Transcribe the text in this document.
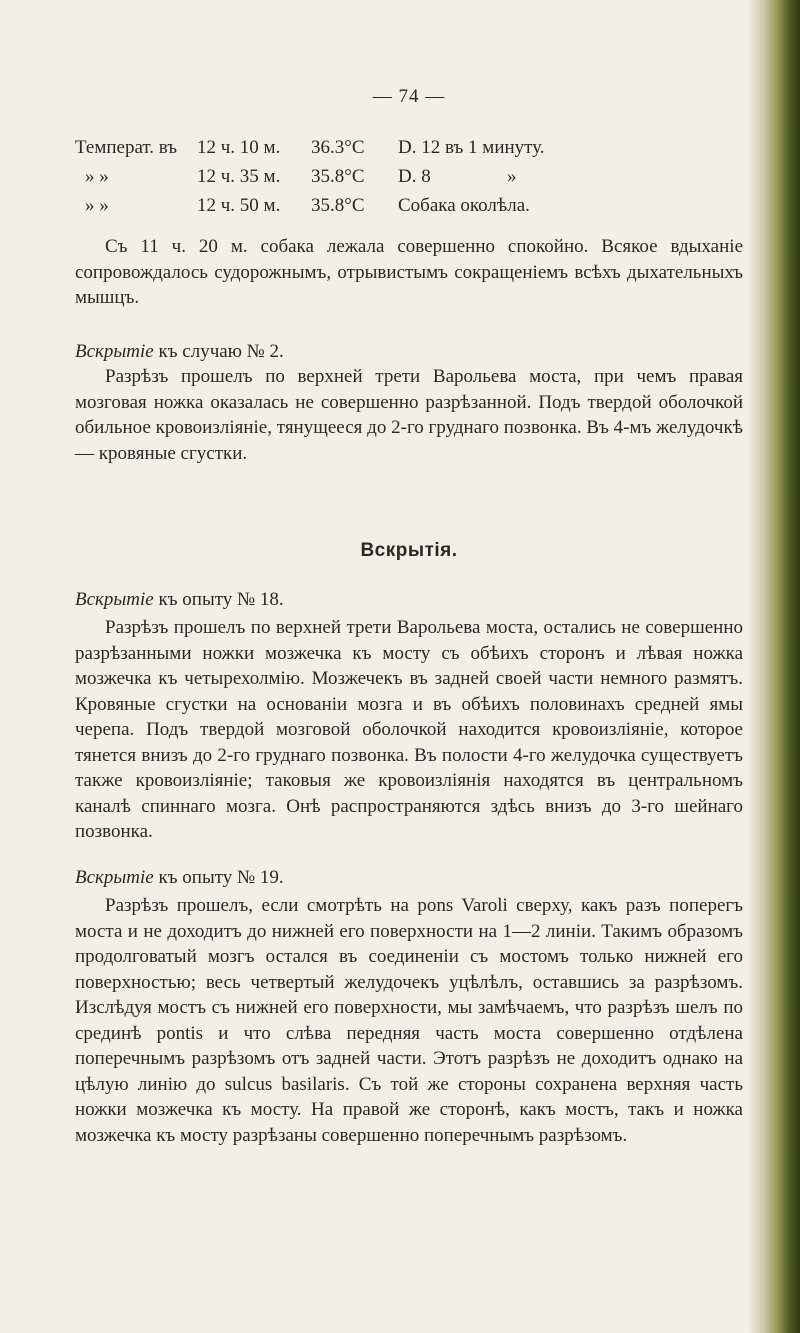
— 74 —
Температ. въ 12 ч. 10 м. 36.3°C D. 12 въ 1 минуту.
» »	12 ч. 35 м. 35.8°C D. 8	»
» »	12 ч. 50 м. 35.8°C Собака околѣла.

Съ 11 ч. 20 м. собака лежала совершенно спокойно. Всякое вдыханіе сопровождалось судорожнымъ, отрывистымъ сокращеніемъ всѣхъ дыхательныхъ мышцъ.

Вскрытіе къ случаю № 2.

Разрѣзъ прошелъ по верхней трети Варольева моста, при чемъ правая мозговая ножка оказалась не совершенно разрѣзанной. Подъ твердой оболочкой обильное кровоизліяніе, тянущееся до 2-го груднаго позвонка. Въ 4-мъ желудочкѣ — кровяные сгустки.

Вскрытія.

Вскрытіе къ опыту № 18.

Разрѣзъ прошелъ по верхней трети Варольева моста, остались не совершенно разрѣзанными ножки мозжечка къ мосту съ обѣихъ сторонъ и лѣвая ножка мозжечка къ четырехолмію. Мозжечекъ въ задней своей части немного размятъ. Кровяные сгустки на основаніи мозга и въ обѣихъ половинахъ средней ямы черепа. Подъ твердой мозговой оболочкой находится кровоизліяніе, которое тянется внизъ до 2-го груднаго позвонка. Въ полости 4-го желудочка существуетъ также кровоизліяніе; таковыя же кровоизліянія находятся въ центральномъ каналѣ спиннаго мозга. Онѣ распространяются здѣсь внизъ до 3-го шейнаго позвонка.

Вскрытіе къ опыту № 19.

Разрѣзъ прошелъ, если смотрѣть на pons Varoli сверху, какъ разъ поперегъ моста и не доходитъ до нижней его поверхности на 1—2 линіи. Такимъ образомъ продолговатый мозгъ остался въ соединеніи съ мостомъ только нижней его поверхностью; весь четвертый желудочекъ уцѣлѣлъ, оставшись за разрѣзомъ. Изслѣдуя мостъ съ нижней его поверхности, мы замѣчаемъ, что разрѣзъ шелъ по срединѣ pontis и что слѣва передняя часть моста совершенно отдѣлена поперечнымъ разрѣзомъ отъ задней части. Этотъ разрѣзъ не доходитъ однако на цѣлую линію до sulcus basilaris. Съ той же стороны сохранена верхняя часть ножки мозжечка къ мосту. На правой же сторонѣ, какъ мостъ, такъ и ножка мозжечка къ мосту разрѣзаны совершенно поперечнымъ разрѣзомъ.
